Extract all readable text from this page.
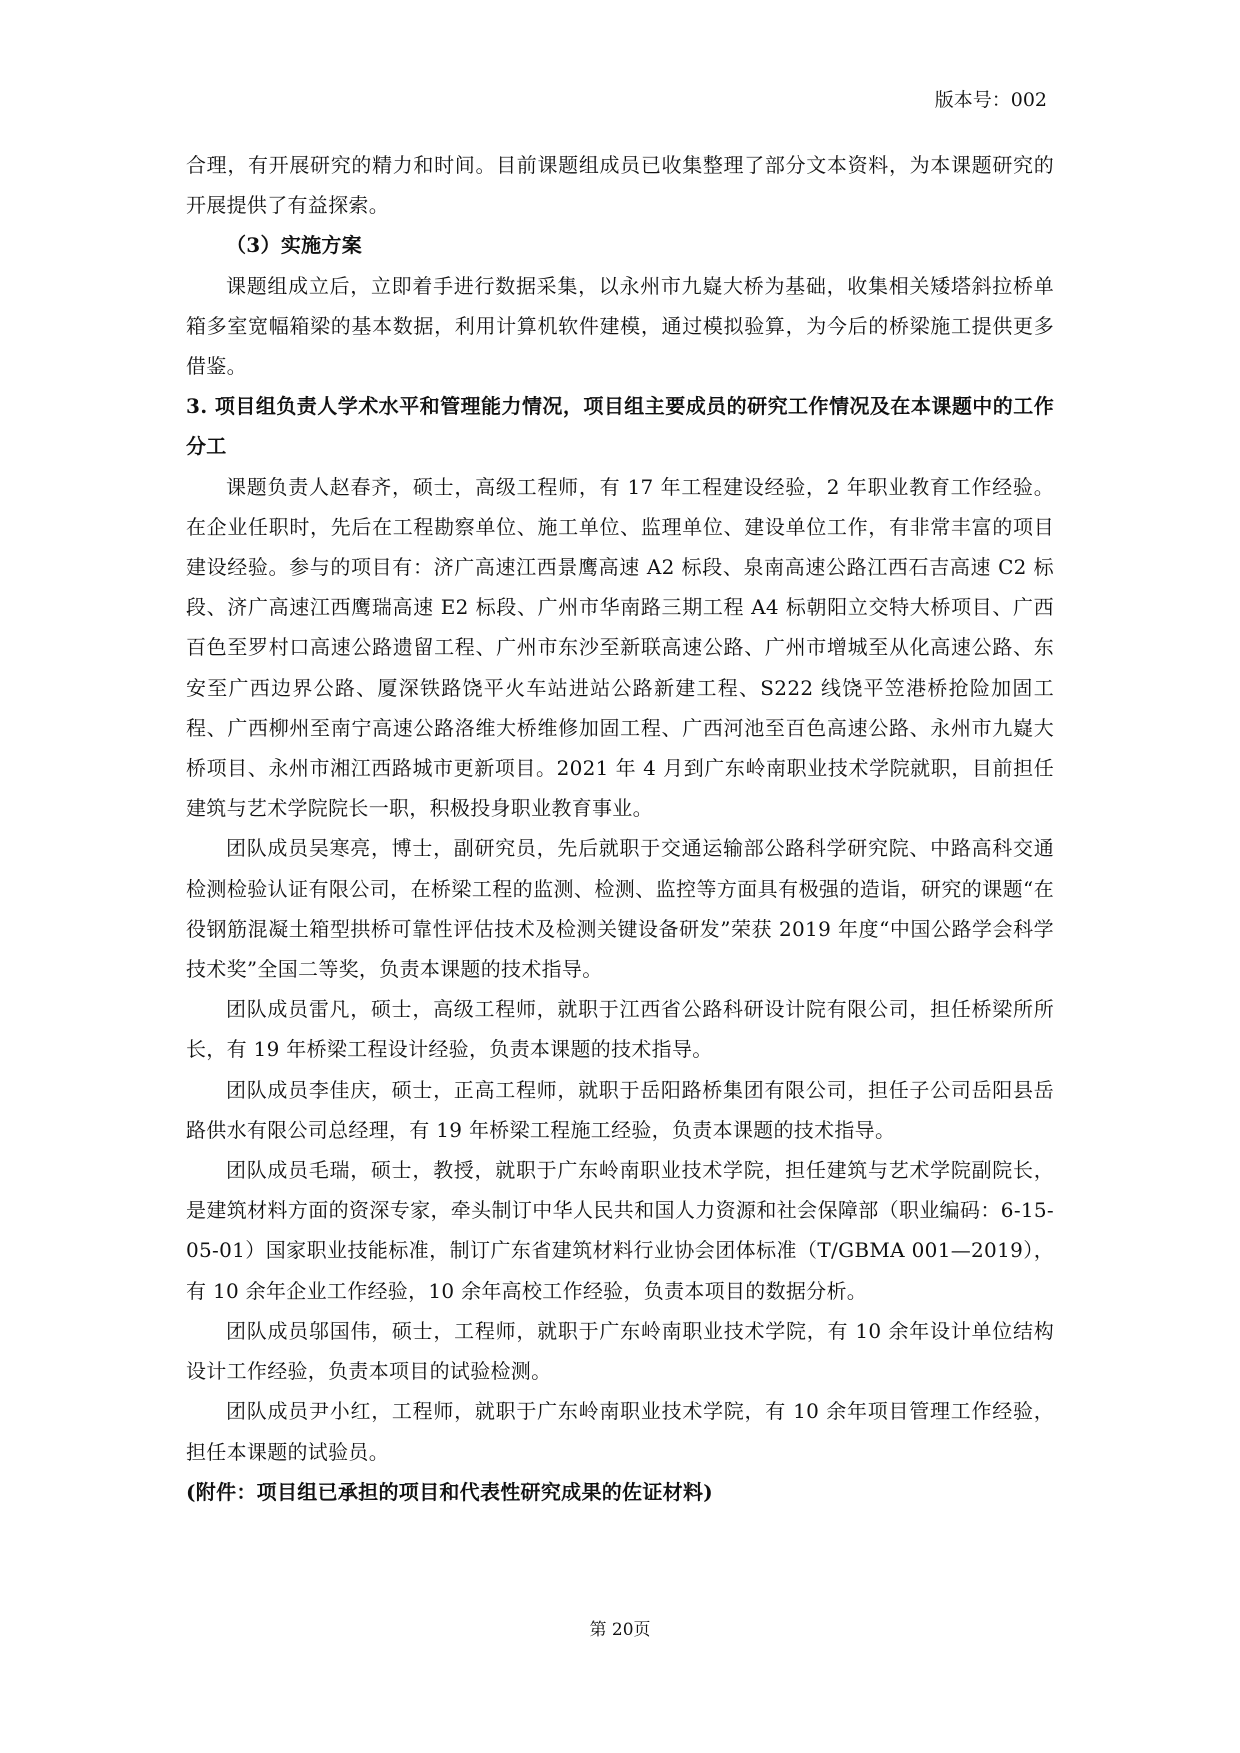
版本号：002

合理，有开展研究的精力和时间。目前课题组成员已收集整理了部分文本资料，为本课题研究的开展提供了有益探索。

（3）实施方案

课题组成立后，立即着手进行数据采集，以永州市九嶷大桥为基础，收集相关矮塔斜拉桥单箱多室宽幅箱梁的基本数据，利用计算机软件建模，通过模拟验算，为今后的桥梁施工提供更多借鉴。

3. 项目组负责人学术水平和管理能力情况，项目组主要成员的研究工作情况及在本课题中的工作分工

课题负责人赵春齐，硕士，高级工程师，有 17 年工程建设经验，2 年职业教育工作经验。在企业任职时，先后在工程勘察单位、施工单位、监理单位、建设单位工作，有非常丰富的项目建设经验。参与的项目有：济广高速江西景鹰高速 A2 标段、泉南高速公路江西石吉高速 C2 标段、济广高速江西鹰瑞高速 E2 标段、广州市华南路三期工程 A4 标朝阳立交特大桥项目、广西百色至罗村口高速公路遗留工程、广州市东沙至新联高速公路、广州市增城至从化高速公路、东安至广西边界公路、厦深铁路饶平火车站进站公路新建工程、S222 线饶平笠港桥抢险加固工程、广西柳州至南宁高速公路洛维大桥维修加固工程、广西河池至百色高速公路、永州市九嶷大桥项目、永州市湘江西路城市更新项目。2021 年 4 月到广东岭南职业技术学院就职，目前担任建筑与艺术学院院长一职，积极投身职业教育事业。

团队成员吴寒亮，博士，副研究员，先后就职于交通运输部公路科学研究院、中路高科交通检测检验认证有限公司，在桥梁工程的监测、检测、监控等方面具有极强的造诣，研究的课题“在役钢筋混凝土箱型拱桥可靠性评估技术及检测关键设备研发”荣获 2019 年度“中国公路学会科学技术奖”全国二等奖，负责本课题的技术指导。

团队成员雷凡，硕士，高级工程师，就职于江西省公路科研设计院有限公司，担任桥梁所所长，有 19 年桥梁工程设计经验，负责本课题的技术指导。

团队成员李佳庆，硕士，正高工程师，就职于岳阳路桥集团有限公司，担任子公司岳阳县岳路供水有限公司总经理，有 19 年桥梁工程施工经验，负责本课题的技术指导。

团队成员毛瑞，硕士，教授，就职于广东岭南职业技术学院，担任建筑与艺术学院副院长，是建筑材料方面的资深专家，牵头制订中华人民共和国人力资源和社会保障部（职业编码：6-15-05-01）国家职业技能标准，制订广东省建筑材料行业协会团体标准（T/GBMA 001—2019），有 10 余年企业工作经验，10 余年高校工作经验，负责本项目的数据分析。

团队成员邬国伟，硕士，工程师，就职于广东岭南职业技术学院，有 10 余年设计单位结构设计工作经验，负责本项目的试验检测。

团队成员尹小红，工程师，就职于广东岭南职业技术学院，有 10 余年项目管理工作经验，担任本课题的试验员。

(附件：项目组已承担的项目和代表性研究成果的佐证材料)

第 20页
